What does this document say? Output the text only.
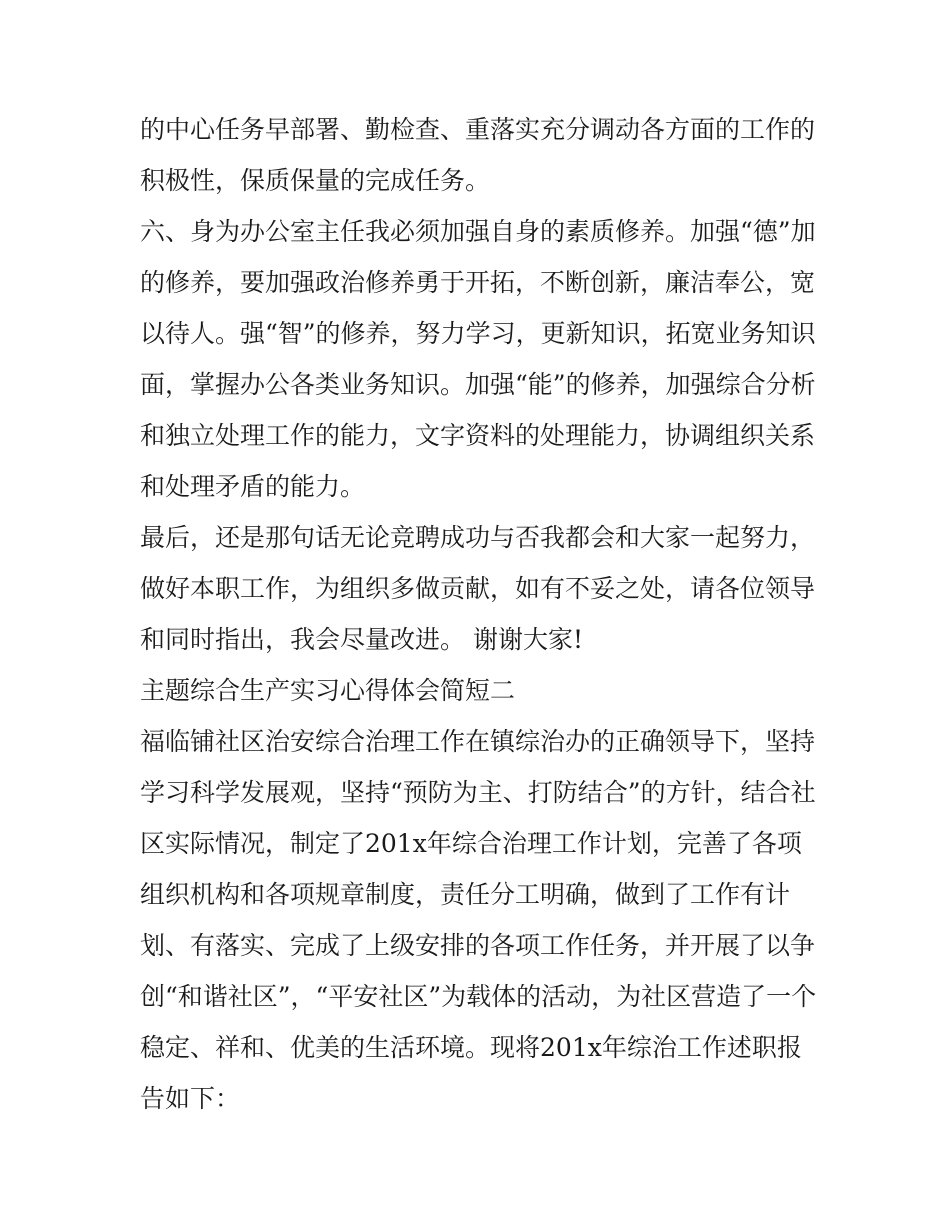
的中心任务早部署、勤检查、重落实充分调动各方面的工作的
积极性，保质保量的完成任务。
六、身为办公室主任我必须加强自身的素质修养。加强“德”加
的修养，要加强政治修养勇于开拓，不断创新，廉洁奉公，宽
以待人。强“智”的修养，努力学习，更新知识，拓宽业务知识
面，掌握办公各类业务知识。加强“能”的修养，加强综合分析
和独立处理工作的能力，文字资料的处理能力，协调组织关系
和处理矛盾的能力。
最后，还是那句话无论竞聘成功与否我都会和大家一起努力，
做好本职工作，为组织多做贡献，如有不妥之处，请各位领导
和同时指出，我会尽量改进。 谢谢大家!
主题综合生产实习心得体会简短二
福临铺社区治安综合治理工作在镇综治办的正确领导下，坚持
学习科学发展观，坚持“预防为主、打防结合”的方针，结合社
区实际情况，制定了201x年综合治理工作计划，完善了各项
组织机构和各项规章制度，责任分工明确，做到了工作有计
划、有落实、完成了上级安排的各项工作任务，并开展了以争
创“和谐社区”，“平安社区”为载体的活动，为社区营造了一个
稳定、祥和、优美的生活环境。现将201x年综治工作述职报
告如下：
